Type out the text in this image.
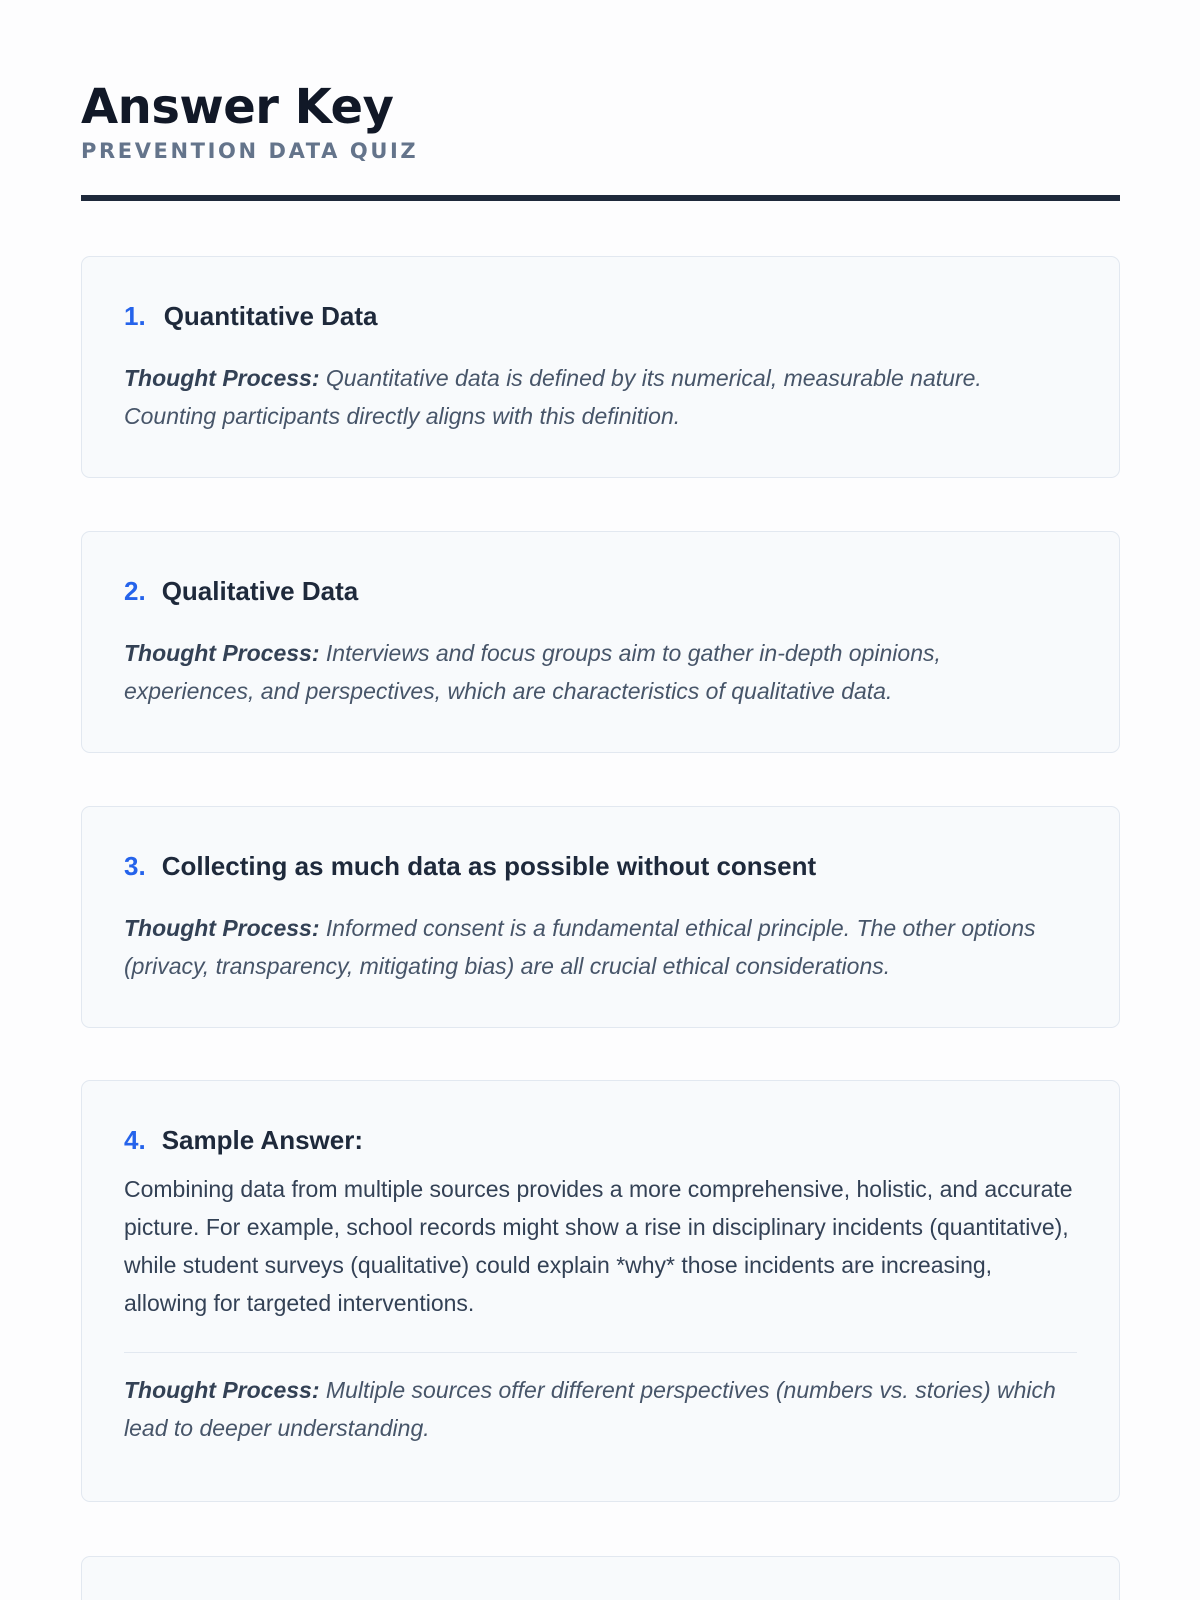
Answer Key
PREVENTION DATA QUIZ
1. Quantitative Data

Thought Process: Quantitative data is defined by its numerical, measurable nature. Counting participants directly aligns with this definition.

2. Qualitative Data

Thought Process: Interviews and focus groups aim to gather in-depth opinions, experiences, and perspectives, which are characteristics of qualitative data.

3. Collecting as much data as possible without consent

Thought Process: Informed consent is a fundamental ethical principle. The other options (privacy, transparency, mitigating bias) are all crucial ethical considerations.

4. Sample Answer:

Combining data from multiple sources provides a more comprehensive, holistic, and accurate picture. For example, school records might show a rise in disciplinary incidents (quantitative), while student surveys (qualitative) could explain *why* those incidents are increasing, allowing for targeted interventions.

Thought Process: Multiple sources offer different perspectives (numbers vs. stories) which lead to deeper understanding.
